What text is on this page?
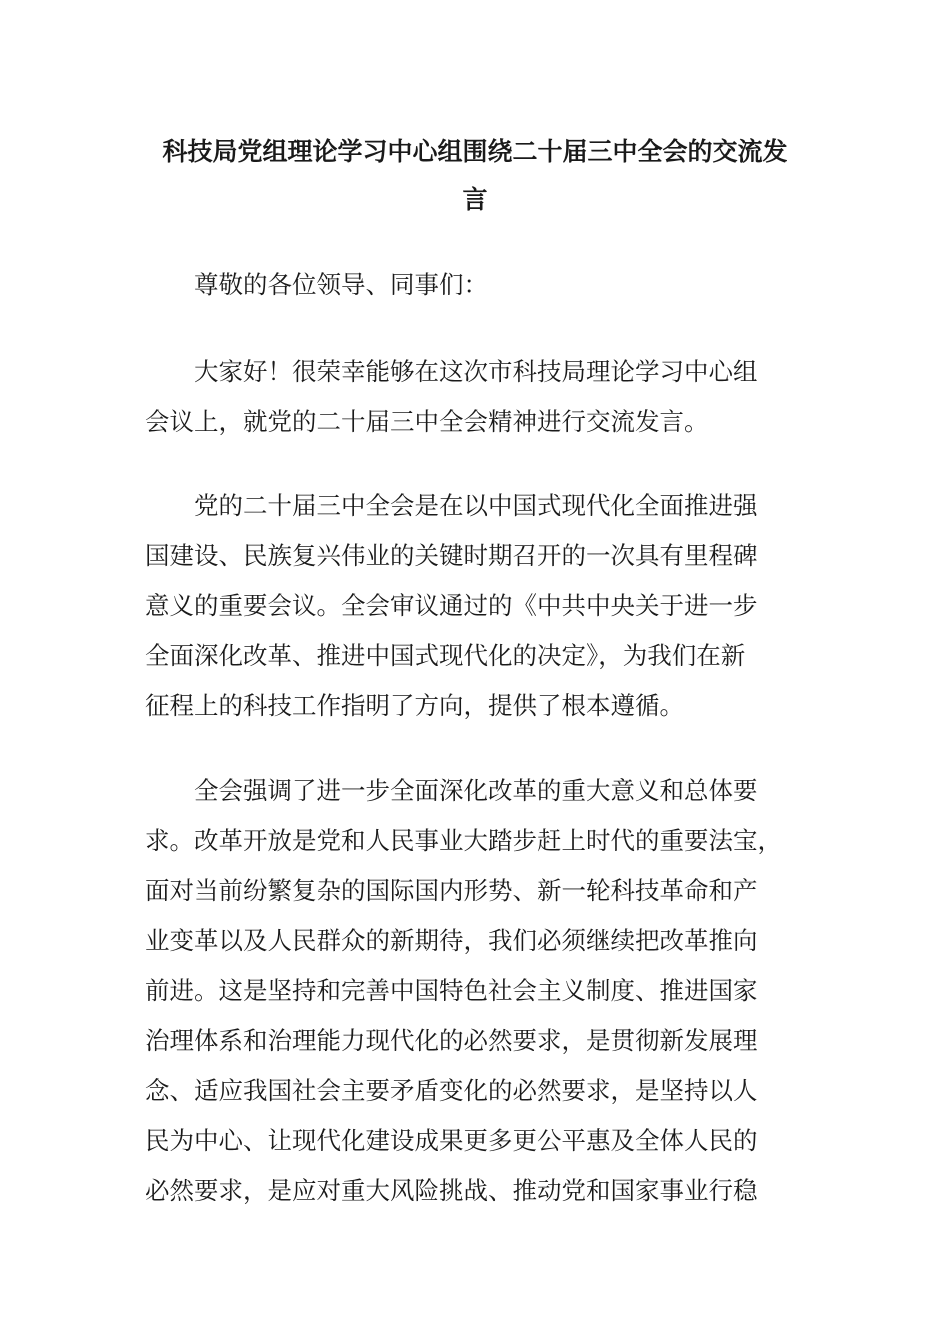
科技局党组理论学习中心组围绕二十届三中全会的交流发
言

尊敬的各位领导、同事们：

大家好！很荣幸能够在这次市科技局理论学习中心组
会议上，就党的二十届三中全会精神进行交流发言。

党的二十届三中全会是在以中国式现代化全面推进强
国建设、民族复兴伟业的关键时期召开的一次具有里程碑
意义的重要会议。全会审议通过的《中共中央关于进一步
全面深化改革、推进中国式现代化的决定》，为我们在新
征程上的科技工作指明了方向，提供了根本遵循。

全会强调了进一步全面深化改革的重大意义和总体要
求。改革开放是党和人民事业大踏步赶上时代的重要法宝，
面对当前纷繁复杂的国际国内形势、新一轮科技革命和产
业变革以及人民群众的新期待，我们必须继续把改革推向
前进。这是坚持和完善中国特色社会主义制度、推进国家
治理体系和治理能力现代化的必然要求，是贯彻新发展理
念、适应我国社会主要矛盾变化的必然要求，是坚持以人
民为中心、让现代化建设成果更多更公平惠及全体人民的
必然要求，是应对重大风险挑战、推动党和国家事业行稳
